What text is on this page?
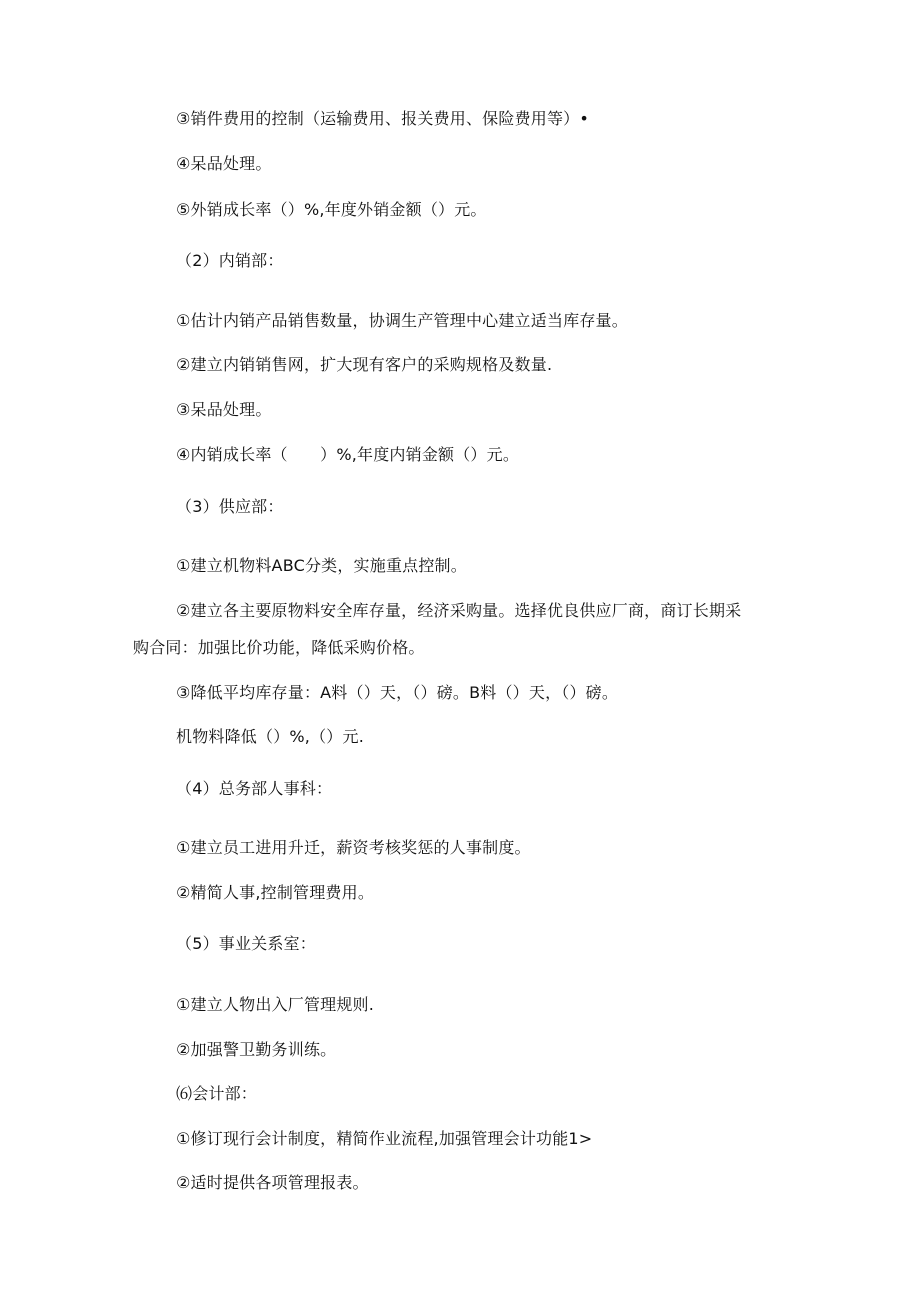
③销件费用的控制（运输费用、报关费用、保险费用等）•
④呆品处理。
⑤外销成长率（）%,年度外销金额（）元。
（2）内销部：
①估计内销产品销售数量，协调生产管理中心建立适当库存量。
②建立内销销售网，扩大现有客户的采购规格及数量.
③呆品处理。
④内销成长率（　　）%,年度内销金额（）元。
（3）供应部：
①建立机物料ABC分类，实施重点控制。
②建立各主要原物料安全库存量，经济采购量。选择优良供应厂商，商订长期采
购合同：加强比价功能，降低采购价格。
③降低平均库存量：A料（）天，（）磅。B料（）天，（）磅。
机物料降低（）%,（）元.
（4）总务部人事科：
①建立员工进用升迁，薪资考核奖惩的人事制度。
②精简人事,控制管理费用。
（5）事业关系室：
①建立人物出入厂管理规则.
②加强警卫勤务训练。
⑹会计部：
①修订现行会计制度，精简作业流程,加强管理会计功能1>
②适时提供各项管理报表。
